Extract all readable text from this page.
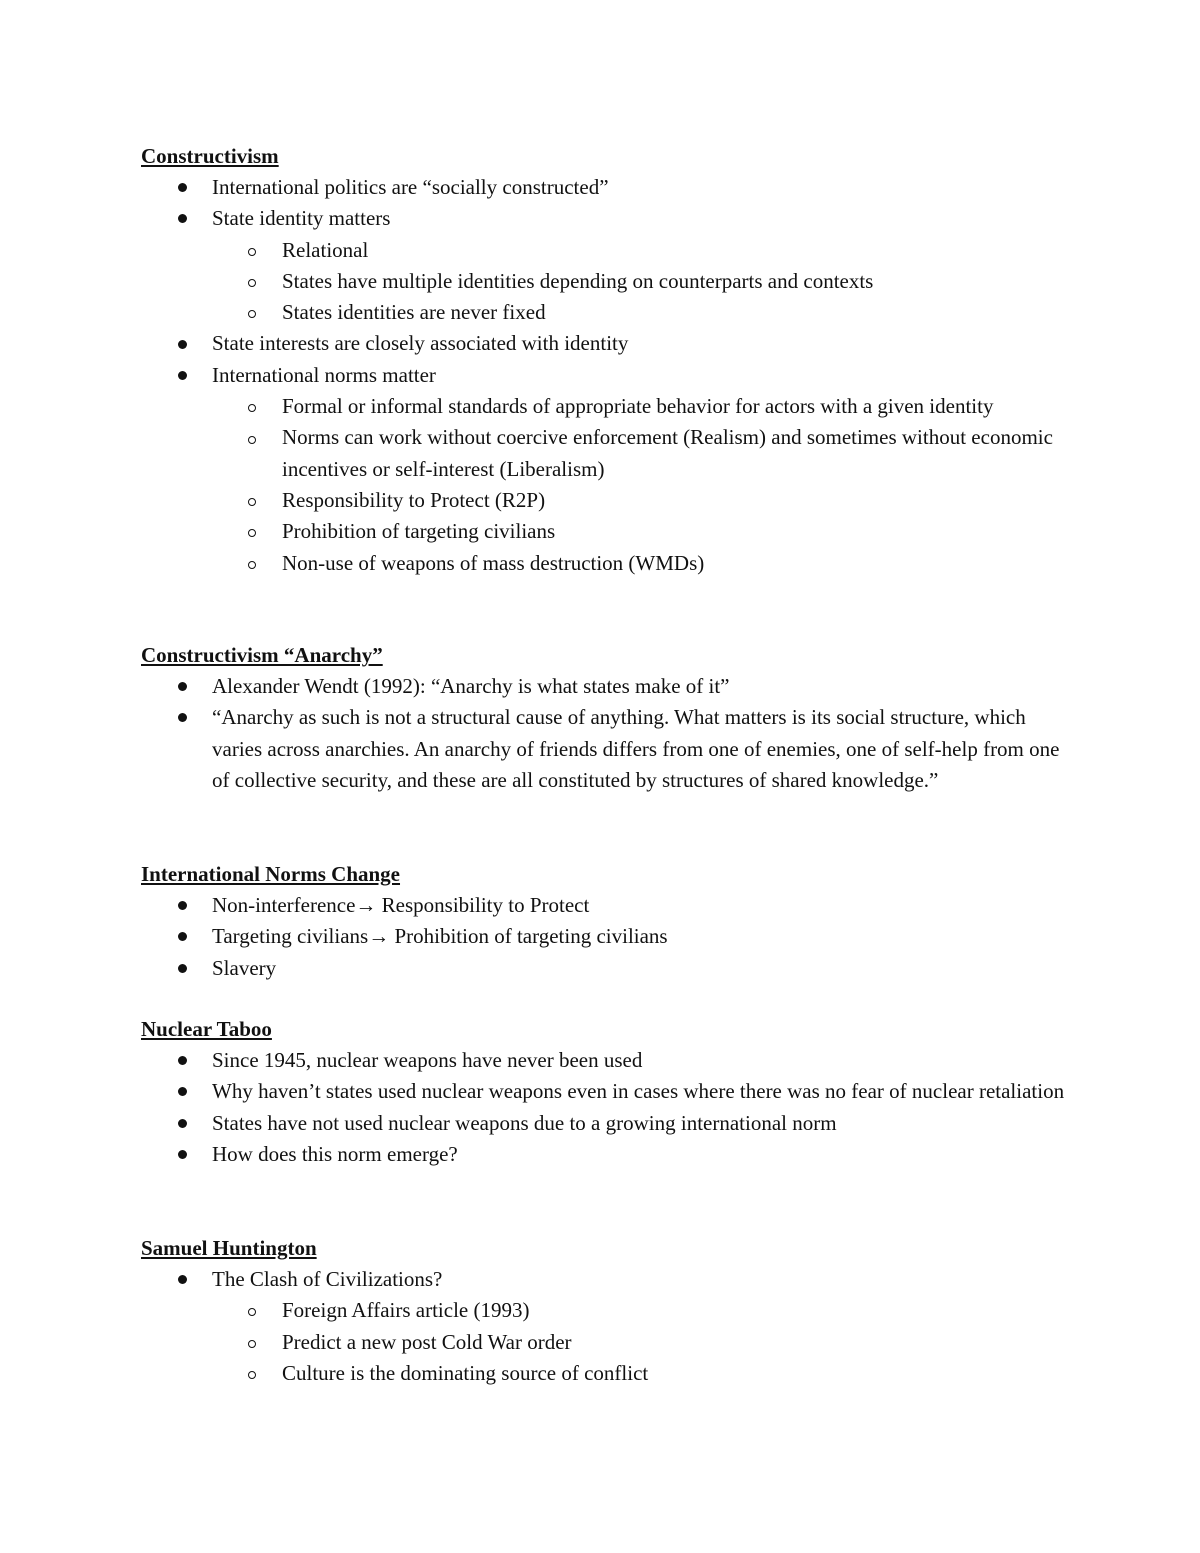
Constructivism
International politics are “socially constructed”
State identity matters
Relational
States have multiple identities depending on counterparts and contexts
States identities are never fixed
State interests are closely associated with identity
International norms matter
Formal or informal standards of appropriate behavior for actors with a given identity
Norms can work without coercive enforcement (Realism) and sometimes without economic incentives or self-interest (Liberalism)
Responsibility to Protect (R2P)
Prohibition of targeting civilians
Non-use of weapons of mass destruction (WMDs)
Constructivism “Anarchy”
Alexander Wendt (1992): “Anarchy is what states make of it”
“Anarchy as such is not a structural cause of anything. What matters is its social structure, which varies across anarchies. An anarchy of friends differs from one of enemies, one of self-help from one of collective security, and these are all constituted by structures of shared knowledge.”
International Norms Change
Non-interference→ Responsibility to Protect
Targeting civilians→ Prohibition of targeting civilians
Slavery
Nuclear Taboo
Since 1945, nuclear weapons have never been used
Why haven’t states used nuclear weapons even in cases where there was no fear of nuclear retaliation
States have not used nuclear weapons due to a growing international norm
How does this norm emerge?
Samuel Huntington
The Clash of Civilizations?
Foreign Affairs article (1993)
Predict a new post Cold War order
Culture is the dominating source of conflict
